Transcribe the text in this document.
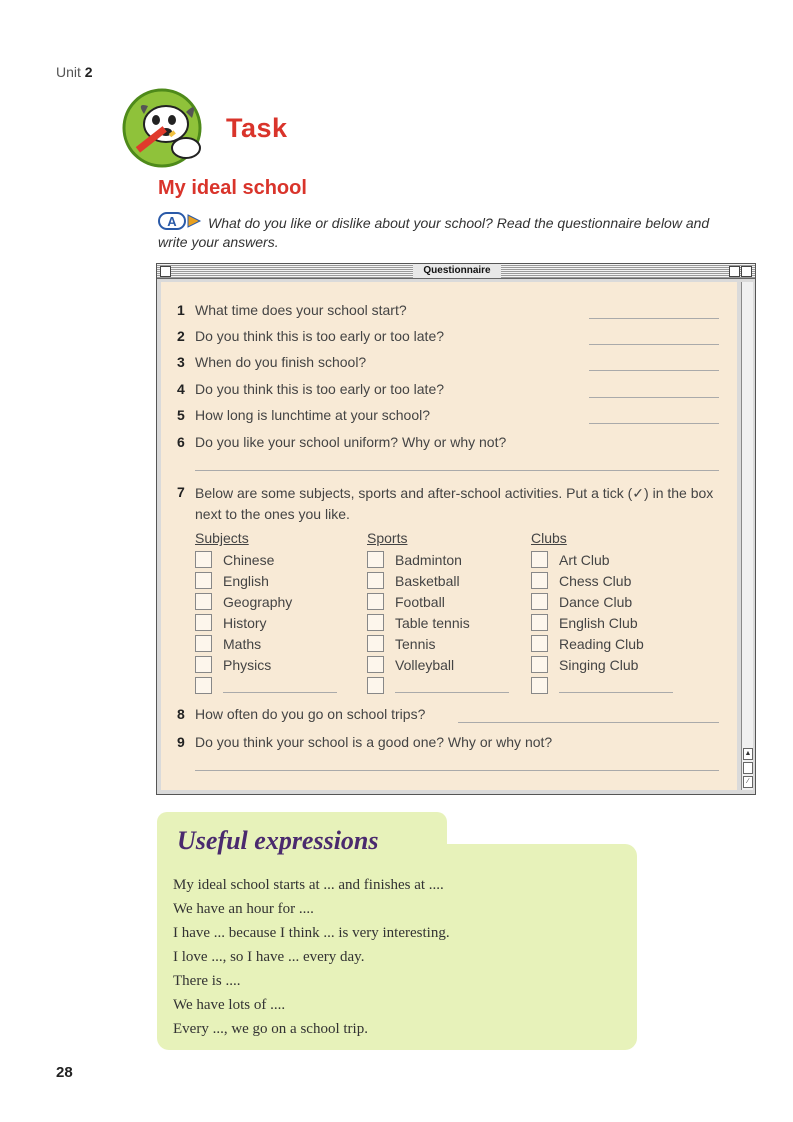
Unit 2
Task
My ideal school
A	What do you like or dislike about your school? Read the questionnaire below and write your answers.
Questionnaire
1 What time does your school start?
2 Do you think this is too early or too late?
3 When do you finish school?
4 Do you think this is too early or too late?
5 How long is lunchtime at your school?
6 Do you like your school uniform? Why or why not?
7 Below are some subjects, sports and after-school activities. Put a tick (✓) in the box next to the ones you like.
Subjects
Chinese
English
Geography
History
Maths
Physics
Sports
Badminton
Basketball
Football
Table tennis
Tennis
Volleyball
Clubs
Art Club
Chess Club
Dance Club
English Club
Reading Club
Singing Club
8 How often do you go on school trips?
9 Do you think your school is a good one? Why or why not?
▲
∕
Useful expressions
My ideal school starts at ... and finishes at ....
We have an hour for ....
I have ... because I think ... is very interesting.
I love ..., so I have ... every day.
There is ....
We have lots of ....
Every ..., we go on a school trip.
28
